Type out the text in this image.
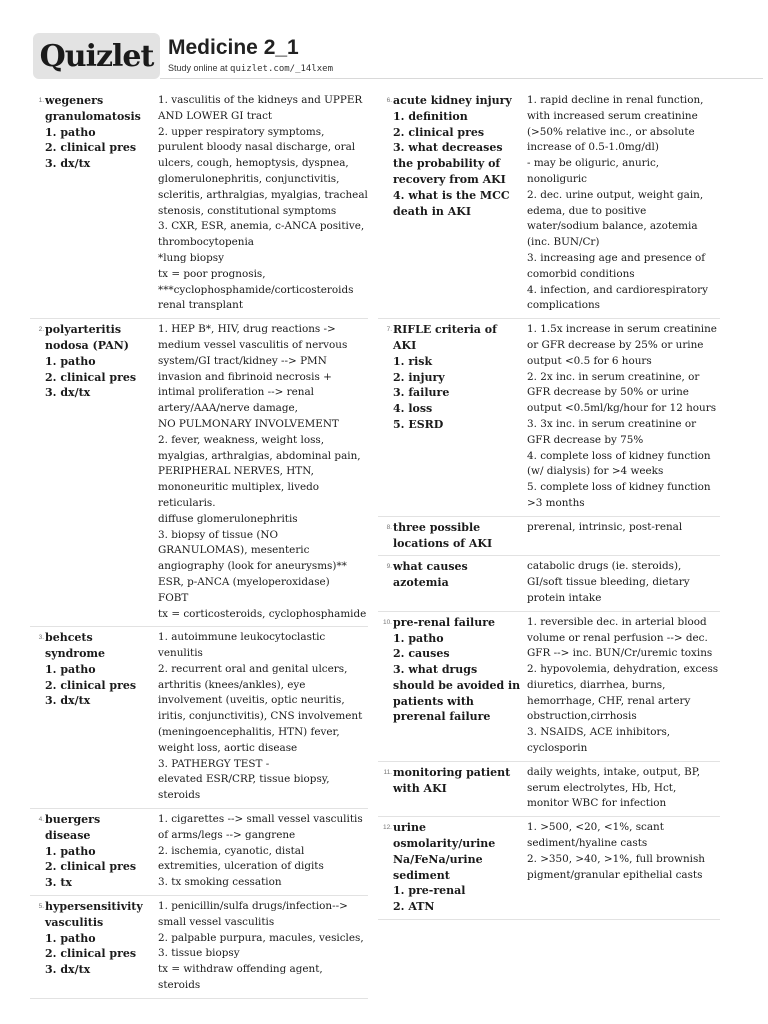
Quizlet Medicine 2_1
Study online at quizlet.com/_14lxem
1. wegeners
granulomatosis
1. patho
2. clinical pres
3. dx/tx
1. vasculitis of the kidneys and UPPER AND LOWER GI tract
2. upper respiratory symptoms, purulent bloody nasal discharge, oral ulcers, cough, hemoptysis, dyspnea, glomerulonephritis, conjunctivitis, scleritis, arthralgias, myalgias, tracheal stenosis, constitutional symptoms
3. CXR, ESR, anemia, c-ANCA positive, thrombocytopenia
*lung biopsy
tx = poor prognosis, ***cyclophosphamide/corticosteroids
renal transplant
2. polyarteritis
nodosa (PAN)
1. patho
2. clinical pres
3. dx/tx
1. HEP B*, HIV, drug reactions -> medium vessel vasculitis of nervous system/GI tract/kidney --> PMN invasion and fibrinoid necrosis + intimal proliferation --> renal artery/AAA/nerve damage,
NO PULMONARY INVOLVEMENT
2. fever, weakness, weight loss, myalgias, arthralgias, abdominal pain,
PERIPHERAL NERVES, HTN, mononeuritic multiplex, livedo reticularis.
diffuse glomerulonephritis
3. biopsy of tissue (NO GRANULOMAS), mesenteric angiography (look for aneurysms)**
ESR, p-ANCA (myeloperoxidase)
FOBT
tx = corticosteroids, cyclophosphamide
3. behcets
syndrome
1. patho
2. clinical pres
3. dx/tx
1. autoimmune leukocytoclastic venulitis
2. recurrent oral and genital ulcers, arthritis (knees/ankles), eye involvement (uveitis, optic neuritis, iritis, conjunctivitis), CNS involvement (meningoencephalitis, HTN) fever, weight loss, aortic disease
3. PATHERGY TEST -
elevated ESR/CRP, tissue biopsy, steroids
4. buergers
disease
1. patho
2. clinical pres
3. tx
1. cigarettes --> small vessel vasculitis of arms/legs --> gangrene
2. ischemia, cyanotic, distal extremities, ulceration of digits
3. tx smoking cessation
5. hypersensitivity
vasculitis
1. patho
2. clinical pres
3. dx/tx
1. penicillin/sulfa drugs/infection--> small vessel vasculitis
2. palpable purpura, macules, vesicles,
3. tissue biopsy
tx = withdraw offending agent, steroids
6. acute kidney injury
1. definition
2. clinical pres
3. what decreases the probability of recovery from AKI
4. what is the MCC death in AKI
1. rapid decline in renal function, with increased serum creatinine (>50% relative inc., or absolute increase of 0.5-1.0mg/dl)
- may be oliguric, anuric, nonoliguric
2. dec. urine output, weight gain, edema, due to positive water/sodium balance, azotemia (inc. BUN/Cr)
3. increasing age and presence of comorbid conditions
4. infection, and cardiorespiratory complications
7. RIFLE criteria of AKI
1. risk
2. injury
3. failure
4. loss
5. ESRD
1. 1.5x increase in serum creatinine or GFR decrease by 25% or urine output <0.5 for 6 hours
2. 2x inc. in serum creatinine, or GFR decrease by 50% or urine output <0.5ml/kg/hour for 12 hours
3. 3x inc. in serum creatinine or GFR decrease by 75%
4. complete loss of kidney function (w/ dialysis) for >4 weeks
5. complete loss of kidney function >3 months
8. three possible locations of AKI
prerenal, intrinsic, post-renal
9. what causes azotemia
catabolic drugs (ie. steroids), GI/soft tissue bleeding, dietary protein intake
10. pre-renal failure
1. patho
2. causes
3. what drugs should be avoided in patients with prerenal failure
1. reversible dec. in arterial blood volume or renal perfusion --> dec. GFR --> inc. BUN/Cr/uremic toxins
2. hypovolemia, dehydration, excess diuretics, diarrhea, burns, hemorrhage, CHF, renal artery obstruction,cirrhosis
3. NSAIDS, ACE inhibitors, cyclosporin
11. monitoring patient with AKI
daily weights, intake, output, BP, serum electrolytes, Hb, Hct, monitor WBC for infection
12. urine osmolarity/urine Na/FeNa/urine sediment
1. pre-renal
2. ATN
1. >500, <20, <1%, scant sediment/hyaline casts
2. >350, >40, >1%, full brownish pigment/granular epithelial casts
